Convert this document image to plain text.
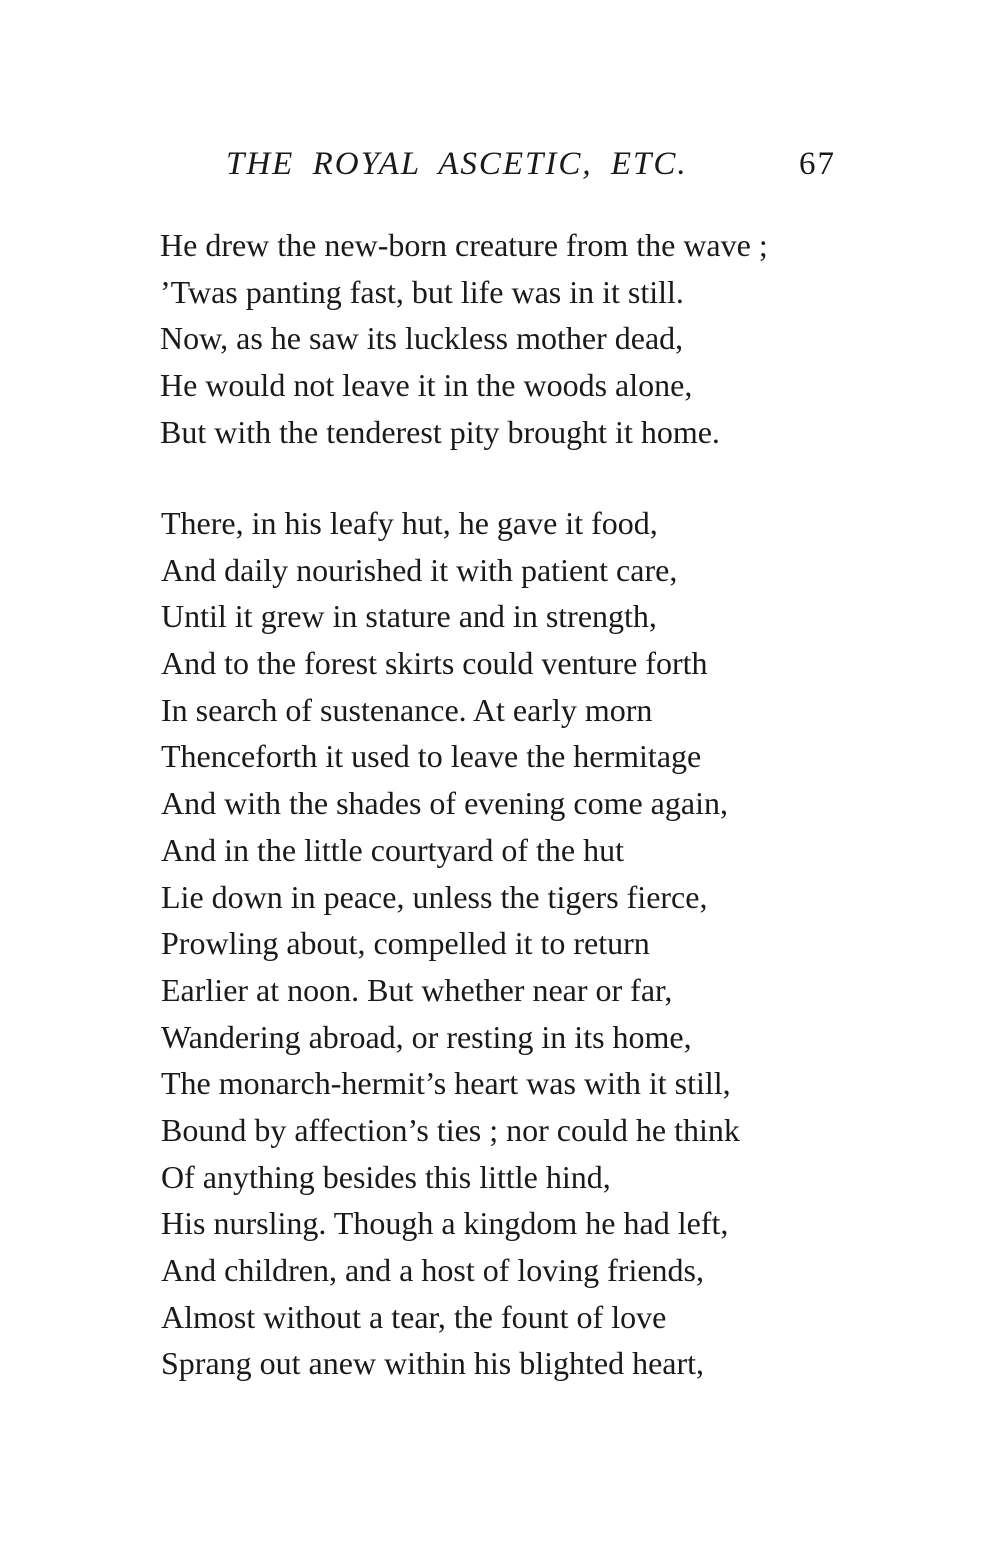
THE ROYAL ASCETIC, ETC.	67
He drew the new-born creature from the wave ;
’Twas panting fast, but life was in it still.
Now, as he saw its luckless mother dead,
He would not leave it in the woods alone,
But with the tenderest pity brought it home.
There, in his leafy hut, he gave it food,
And daily nourished it with patient care,
Until it grew in stature and in strength,
And to the forest skirts could venture forth
In search of sustenance. At early morn
Thenceforth it used to leave the hermitage
And with the shades of evening come again,
And in the little courtyard of the hut
Lie down in peace, unless the tigers fierce,
Prowling about, compelled it to return
Earlier at noon. But whether near or far,
Wandering abroad, or resting in its home,
The monarch-hermit’s heart was with it still,
Bound by affection’s ties ; nor could he think
Of anything besides this little hind,
His nursling. Though a kingdom he had left,
And children, and a host of loving friends,
Almost without a tear, the fount of love
Sprang out anew within his blighted heart,
